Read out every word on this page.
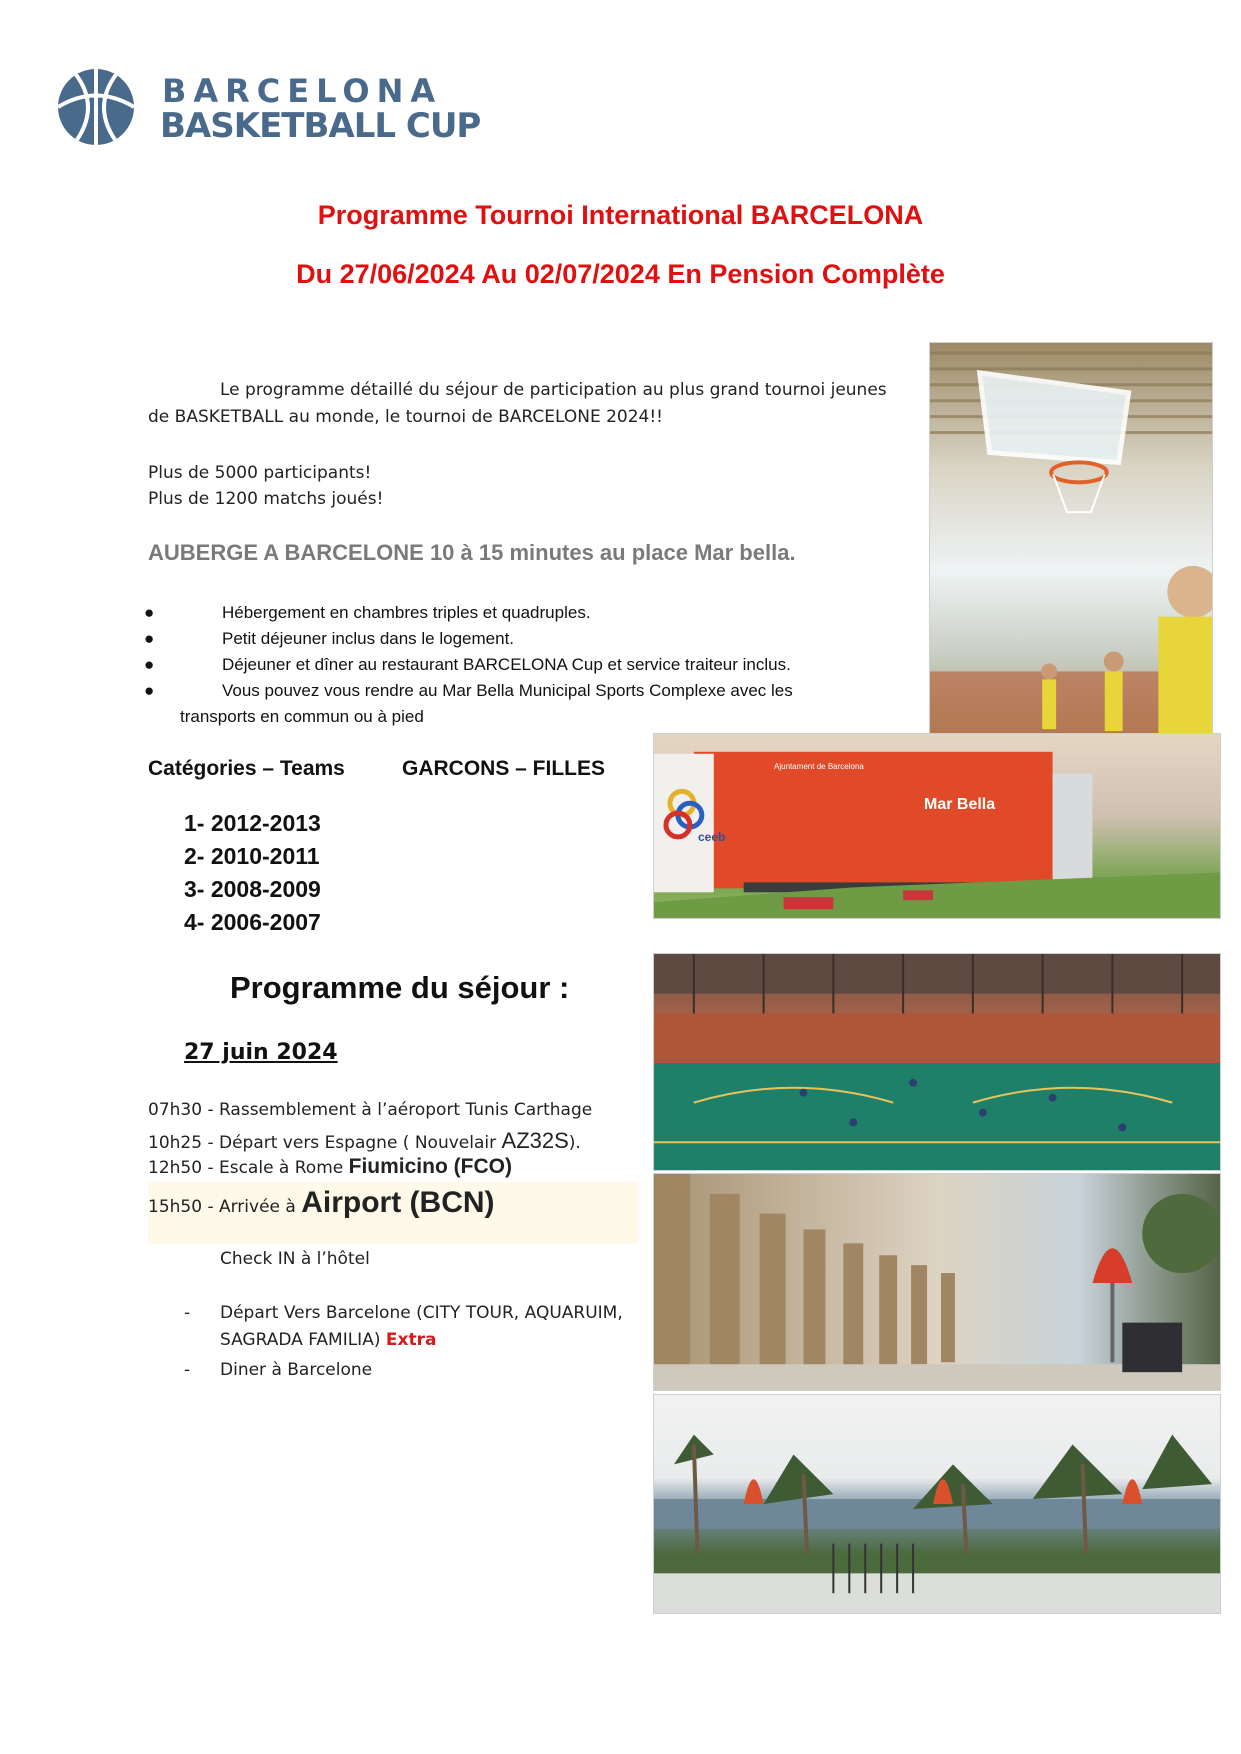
BARCELONA
BASKETBALL CUP
Programme Tournoi International BARCELONA
Du 27/06/2024 Au 02/07/2024 En Pension Complète
Le programme détaillé du séjour de participation au plus grand tournoi jeunes de BASKETBALL au monde, le tournoi de BARCELONE 2024!!
Plus de 5000 participants!
Plus de 1200 matchs joués!
AUBERGE A BARCELONE 10 à 15 minutes au place Mar bella.
●	Hébergement en chambres triples et quadruples.
●	Petit déjeuner inclus dans le logement.
●	Déjeuner et dîner au restaurant BARCELONA Cup et service traiteur inclus.
●	Vous pouvez vous rendre au Mar Bella Municipal Sports Complexe avec les
transports en commun ou à pied
Catégories – Teams	GARCONS – FILLES
1- 2012-2013
2- 2010-2011
3- 2008-2009
4- 2006-2007
Programme du séjour :
27 juin 2024
07h30 - Rassemblement à l’aéroport Tunis Carthage
10h25 - Départ vers Espagne ( Nouvelair AZ32S).
12h50 - Escale à Rome Fiumicino (FCO)
15h50 - Arrivée à Airport (BCN)
Check IN à l’hôtel
-	Départ Vers Barcelone (CITY TOUR, AQUARUIM, SAGRADA FAMILIA) Extra
-	Diner à Barcelone
Mar Bella
ceeb
Ajuntament de Barcelona
